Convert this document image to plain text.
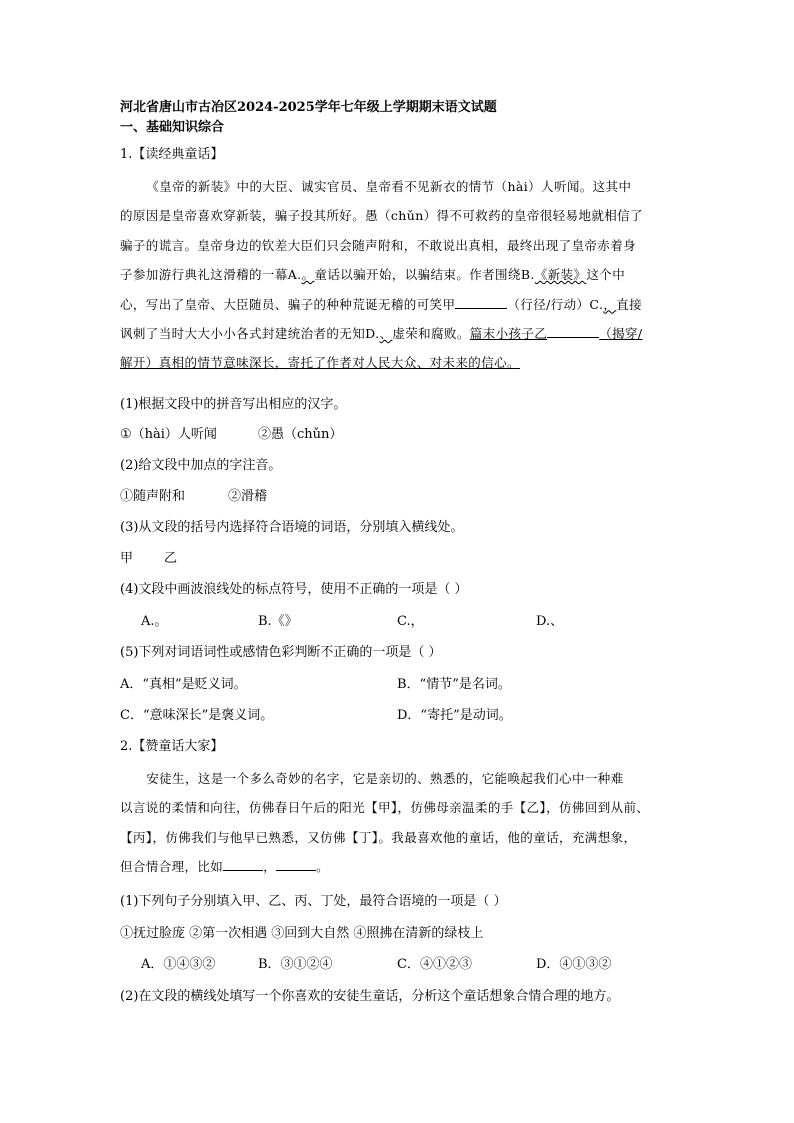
河北省唐山市古冶区2024-2025学年七年级上学期期末语文试题
一、基础知识综合
1.【读经典童话】

《皇帝的新装》中的大臣、诚实官员、皇帝看不见新衣的情节（hài）人听闻。这其中

的原因是皇帝喜欢穿新装，骗子投其所好。愚（chǔn）得不可救药的皇帝很轻易地就相信了

骗子的谎言。皇帝身边的钦差大臣们只会随声附和，不敢说出真相，最终出现了皇帝赤着身

子参加游行典礼这滑稽的一幕A.。童话以骗开始，以骗结束。作者围绕B.《新装》这个中

心，写出了皇帝、大臣随员、骗子的种种荒诞无稽的可笑甲	（行径/行动）C.，直接

讽刺了当时大大小小各式封建统治者的无知D.、虚荣和腐败。篇末小孩子乙	（揭穿/

解开）真相的情节意味深长，寄托了作者对人民大众、对未来的信心。

(1)根据文段中的拼音写出相应的汉字。
①（hài）人听闻	②愚（chǔn）
(2)给文段中加点的字注音。
①随声附和	②滑稽
(3)从文段的括号内选择符合语境的词语，分别填入横线处。
甲 乙
(4)文段中画波浪线处的标点符号，使用不正确的一项是（ ）
A.。	B.《》	C.，	D.、
(5)下列对词语词性或感情色彩判断不正确的一项是（ ）
A．“真相”是贬义词。	B．“情节”是名词。
C．“意味深长”是褒义词。	D．“寄托”是动词。
2.【赞童话大家】

安徒生，这是一个多么奇妙的名字，它是亲切的、熟悉的，它能唤起我们心中一种难

以言说的柔情和向往，仿佛春日午后的阳光【甲】，仿佛母亲温柔的手【乙】，仿佛回到从前、

【丙】，仿佛我们与他早已熟悉，又仿佛【丁】。我最喜欢他的童话，他的童话，充满想象，

但合情合理，比如	，	。

(1)下列句子分别填入甲、乙、丙、丁处，最符合语境的一项是（ ）
①抚过脸庞 ②第一次相遇 ③回到大自然 ④照拂在清新的绿枝上
A．①④③②	B．③①②④	C．④①②③	D．④①③②
(2)在文段的横线处填写一个你喜欢的安徒生童话，分析这个童话想象合情合理的地方。
